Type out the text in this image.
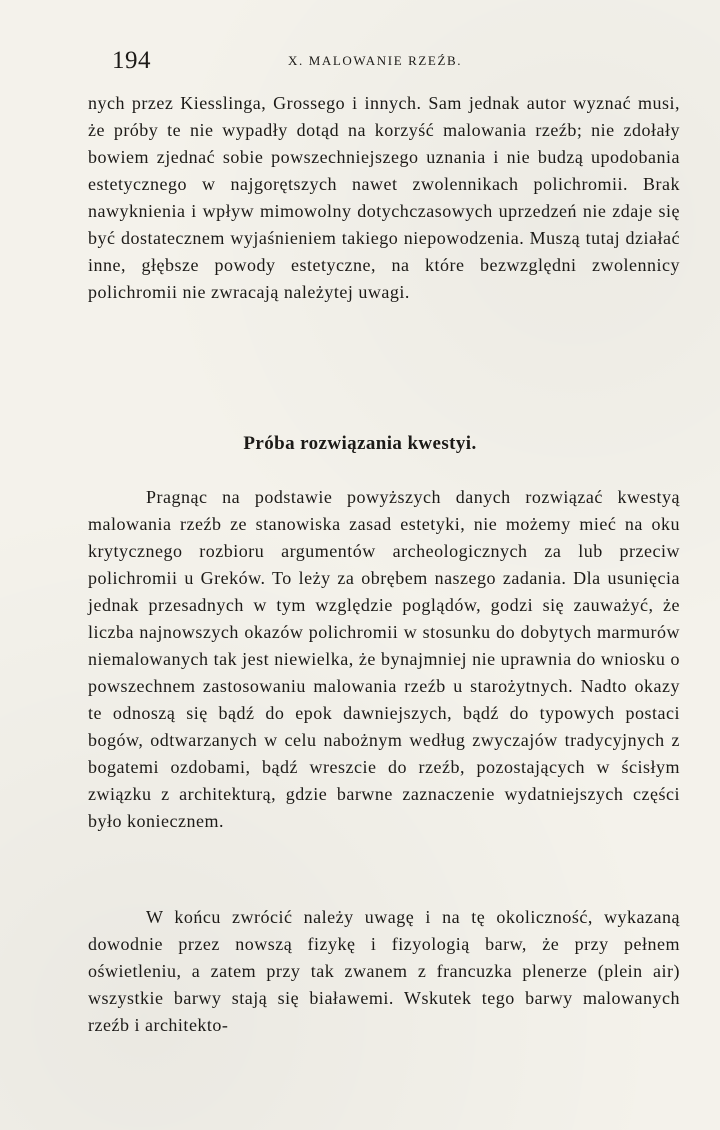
194	X. MALOWANIE RZEŹB.

nych przez Kiesslinga, Grossego i innych. Sam jednak autor wyznać musi, że próby te nie wypadły dotąd na korzyść malowania rzeźb; nie zdołały bowiem zjednać sobie powszechniejszego uznania i nie budzą upodobania estetycznego w najgorętszych nawet zwolennikach polichromii. Brak nawyknienia i wpływ mimowolny dotychczasowych uprzedzeń nie zdaje się być dostatecznem wyjaśnieniem takiego niepowodzenia. Muszą tutaj działać inne, głębsze powody estetyczne, na które bezwzględni zwolennicy polichromii nie zwracają należytej uwagi.

Próba rozwiązania kwestyi.

Pragnąc na podstawie powyższych danych rozwiązać kwestyą malowania rzeźb ze stanowiska zasad estetyki, nie możemy mieć na oku krytycznego rozbioru argumentów archeologicznych za lub przeciw polichromii u Greków. To leży za obrębem naszego zadania. Dla usunięcia jednak przesadnych w tym względzie poglądów, godzi się zauważyć, że liczba najnowszych okazów polichromii w stosunku do dobytych marmurów niemalowanych tak jest niewielka, że bynajmniej nie uprawnia do wniosku o powszechnem zastosowaniu malowania rzeźb u starożytnych. Nadto okazy te odnoszą się bądź do epok dawniejszych, bądź do typowych postaci bogów, odtwarzanych w celu nabożnym według zwyczajów tradycyjnych z bogatemi ozdobami, bądź wreszcie do rzeźb, pozostających w ścisłym związku z architekturą, gdzie barwne zaznaczenie wydatniejszych części było koniecznem.

W końcu zwrócić należy uwagę i na tę okoliczność, wykazaną dowodnie przez nowszą fizykę i fizyologią barw, że przy pełnem oświetleniu, a zatem przy tak zwanem z francuzka plenerze (plein air) wszystkie barwy stają się białawemi. Wskutek tego barwy malowanych rzeźb i architekto-
